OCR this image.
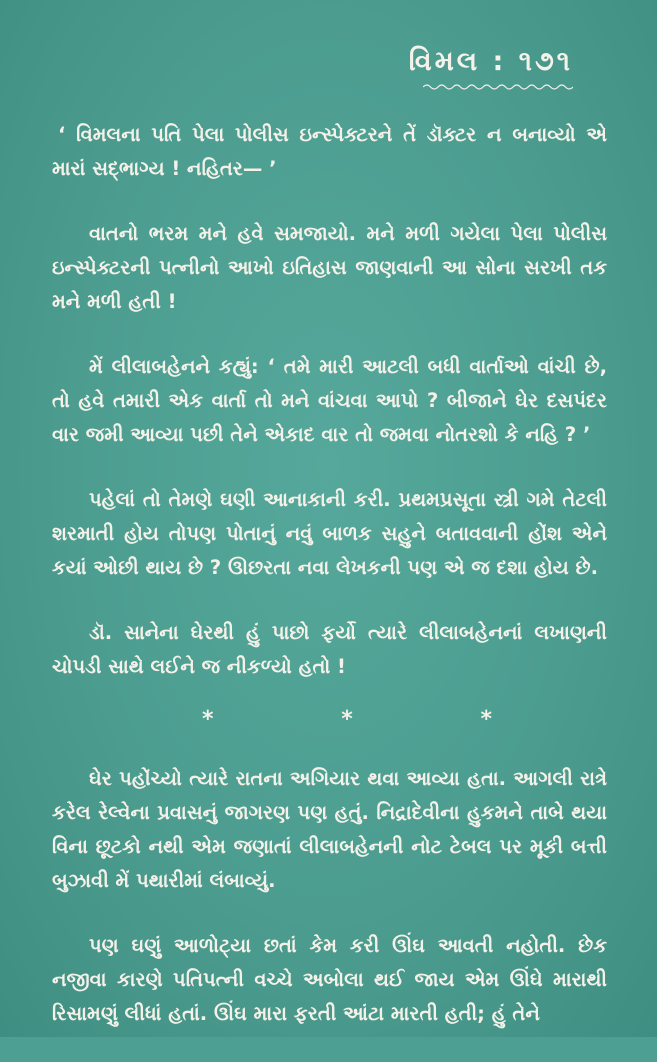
વિમલ : ૧૭૧

‘ વિમલના પતિ પેલા પોલીસ ઇન્સ્પેક્ટરને તેં ડૉક્ટર ન બનાવ્યો એ મારાં સદ્ભાગ્ય ! નહિતર— ’

વાતનો ભરમ મને હવે સમજાયો. મને મળી ગયેલા પેલા પોલીસ ઇન્સ્પેક્ટરની પત્નીનો આખો ઇતિહાસ જાણવાની આ સોના સરખી તક મને મળી હતી !

મેં લીલાબહેનને કહ્યું: ‘ તમે મારી આટલી બધી વાર્તાઓ વાંચી છે, તો હવે તમારી એક વાર્તા તો મને વાંચવા આપો ? બીજાને ઘેર દસપંદર વાર જમી આવ્યા પછી તેને એકાદ વાર તો જમવા નોતરશો કે નહિ ? ’

પહેલાં તો તેમણે ઘણી આનાકાની કરી. પ્રથમપ્રસૂતા સ્ત્રી ગમે તેટલી શરમાતી હોય તોપણ પોતાનું નવું બાળક સહુને બતાવવાની હોંશ એને કયાં ઓછી થાય છે ? ઊછરતા નવા લેખકની પણ એ જ દશા હોય છે.

ડૉ. સાનેના ઘેરથી હું પાછો ફર્યો ત્યારે લીલાબહેનનાં લખાણની ચોપડી સાથે લઈને જ નીકળ્યો હતો !

*	*	*

ઘેર પહોંચ્યો ત્યારે રાતના અગિયાર થવા આવ્યા હતા. આગલી રાત્રે કરેલ રેલ્વેના પ્રવાસનું જાગરણ પણ હતું. નિદ્રાદેવીના હુકમને તાબે થયા વિના છૂટકો નથી એમ જણાતાં લીલાબહેનની નોટ ટેબલ પર મૂકી બત્તી બુઝાવી મેં પથારીમાં લંબાવ્યું.

પણ ઘણું આળોટ્યા છતાં કેમ કરી ઊંઘ આવતી નહોતી. છેક નજીવા કારણે પતિપત્ની વચ્ચે અબોલા થઈ જાય એમ ઊંઘે મારાથી રિસામણું લીધાં હતાં. ઊંઘ મારા ફરતી આંટા મારતી હતી; હું તેને
